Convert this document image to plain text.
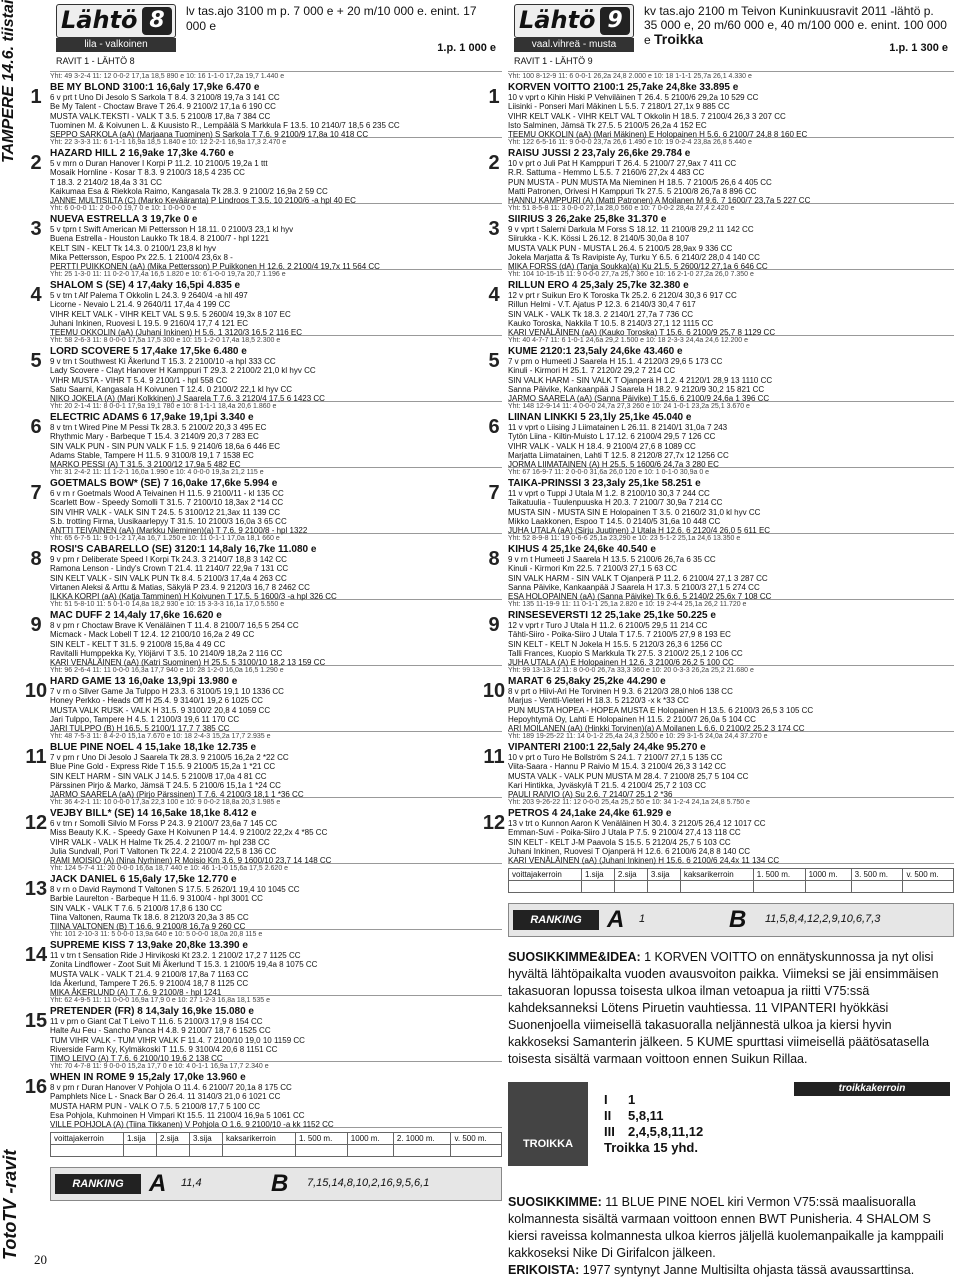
TAMPERE 14.6. tiistai
TotoTV -ravit 20
Lähtö 8
lila - valkoinen
RAVIT 1 - LÄHTÖ 8
lv tas.ajo 3100 m p. 7 000 e + 20 m/10 000 e. enint. 17 000 e
1.p. 1 000 e
1
Yht: 49 3-2-4 11: 12 0-0-2 17,1a 18,5 890 e 10: 16 1-1-0 17,2a 19,7 1.440 e
BE MY BLOND 3100:1 16,6aly 17,9ke 6.470 e
6 v prt t Uno Di Jesolo S Sarkola T 8.4. 3 2100/8 19,7a 3 141 CC
Be My Talent - Choctaw Brave T 26.4. 9 2100/2 17,1a 6 190 CC
MUSTA VALK.TEKSTI - VALK T 3.5. 5 2100/8 17,8a 7 384 CC
Tuominen M. & Koivunen L. & Kuusisto R., Lempäälä S Markkula F 13.5. 10 2140/7 18,5 6 235 CC
SEPPO SARKOLA (aA) (Marjaana Tuominen) S Sarkola T 7.6. 9 2100/9 17,8a 10 418 CC
2
Yht: 22 3-3-3 11: 6 1-1-1 16,9a 18,5 1.840 e 10: 12 2-2-1 16,9a 17,3 2.470 e
HAZARD HILL 2 16,9ake 17,3ke 4.760 e
5 v mrn o Duran Hanover I Korpi P 11.2. 10 2100/5 19,2a 1 ttt
Mosaik Hornline - Kosar T 8.3. 9 2100/3 18,5 4 235 CC
T 18.3. 2 2140/2 18,4a 3 31 CC
Kaikumaa Esa & Riekkola Raimo, Kangasala Tk 28.3. 9 2100/2 16,9a 2 59 CC
JANNE MULTISILTA (C) (Marko Kevääranta) P Lindroos T 3.5. 10 2100/6 -a hpl 40 EC
3
Yht: 6 0-0-0 11: 2 0-0-0 19,7 0 e 10: 1 0-0-0 0 e
NUEVA ESTRELLA 3 19,7ke 0 e
5 v tprn t Swift American Mi Pettersson H 18.11. 0 2100/3 23,1 kl hyv
Buena Estrella - Houston Laukko Tk 18.4. 8 2100/7 - hpl 1221
KELT SIN - KELT Tk 14.3. 0 2100/1 23,8 kl hyv
Mika Pettersson, Espoo Px 22.5. 1 2100/4 23,6x 8 -
PERTTI PUIKKONEN (aA) (Mika Pettersson) P Puikkonen H 12.6. 2 2100/4 19,7x 11 564 CC
4
Yht: 25 1-3-0 11: 11 0-2-0 17,4a 16,5 1.820 e 10: 6 1-0-0 19,7a 20,7 1.196 e
SHALOM S (SE) 4 17,4aky 16,5pi 4.835 e
5 v trn t Alf Palema T Okkolin L 24.3. 9 2640/4 -a hll 497
Licorne - Nevaio L 21.4. 9 2640/11 17,4a 4 199 CC
VIHR KELT VALK - VIHR KELT VAL S 9.5. 5 2600/4 19,3x 8 107 EC
Juhani Inkinen, Ruovesi L 19.5. 9 2160/4 17,7 4 121 EC
TEEMU OKKOLIN (aA) (Juhani Inkinen) H 5.6. 1 3120/3 16,5 2 116 EC
5
Yht: 58 2-6-3 11: 8 0-0-0 17,5a 17,5 300 e 10: 15 1-2-0 17,4a 18,5 2.300 e
LORD SCOVERE 5 17,4ake 17,5ke 6.480 e
9 v trn t Southwest Ki Åkerlund T 15.3. 2 2100/10 -a hpl 333 CC
Lady Scovere - Clayt Hanover H Kamppuri T 29.3. 2 2100/2 21,0 kl hyv CC
VIHR MUSTA - VIHR T 5.4. 9 2100/1 - hpl 558 CC
Satu Saarni, Kangasala H Koivunen T 12.4. 0 2100/2 22,1 kl hyv CC
NIKO JOKELA (A) (Mari Kolkkinen) J Saarela T 7.6. 3 2120/4 17,5 6 1423 CC
6
Yht: 20 2-1-4 11: 8 0-0-1 17,9a 19,1 780 e 10: 8 1-1-1 18,4a 20,6 1.860 e
ELECTRIC ADAMS 6 17,9ake 19,1pi 3.340 e
8 v trn t Wired Pine M Pessi Tk 28.3. 5 2100/2 20,3 3 495 EC
Rhythmic Mary - Barbeque T 15.4. 3 2140/9 20,3 7 283 EC
SIN VALK PUN - SIN PUN VALK F 1.5. 9 2140/6 18,6a 6 446 EC
Adams Stable, Tampere H 11.5. 9 3100/8 19,1 7 1538 EC
MARKO PESSI (A) T 31.5. 3 2100/12 17,9a 5 482 EC
7
Yht: 31 2-4-2 11: 11 1-2-1 16,0a 1.990 e 10: 4 0-0-0 19,3a 21,2 115 e
GOETMALS BOW* (SE) 7 16,0ake 17,6ke 5.994 e
6 v rn r Goetmals Wood A Teivainen H 11.5. 9 2100/11 - kl 135 CC
Scarlett Bow - Speedy Somolli T 31.5. 7 2100/10 18,3ax 2 *14 CC
SIN VIHR VALK - VALK SIN T 24.5. 5 3100/12 21,3ax 11 139 CC
S.b. trotting Firma, Uusikaarlepyy T 31.5. 10 2100/3 16,0a 3 65 CC
ANTTI TEIVAINEN (aA) (Markku Nieminen)(a) T 7.6. 9 2100/8 - hpl 1322
8
Yht: 65 6-7-5 11: 9 0-1-2 17,4a 16,7 1.250 e 10: 11 0-1-1 17,0a 18,1 660 e
ROSI'S CABARELLO (SE) 3120:1 14,8aly 16,7ke 11.080 e
9 v prn r Deliberate Speed I Korpi Tk 24.3. 3 2140/7 18,8 3 142 CC
Ramona Lenson - Lindy's Crown T 21.4. 11 2140/7 22,9a 7 131 CC
SIN KELT VALK - SIN VALK PUN Tk 8.4. 5 2100/3 17,4a 4 263 CC
Virtanen Aleksi & Arttu & Matias, Säkylä P 23.4. 9 2120/3 16,7 8 2462 CC
ILKKA KORPI (aA) (Katja Tamminen) H Koivunen T 17.5. 5 1600/3 -a hpl 326 CC
9
Yht: 51 5-8-10 11: 5 0-1-0 14,8a 18,2 930 e 10: 15 3-3-3 16,1a 17,0 5.550 e
MAC DUFF 2 14,4aly 17,6ke 16.620 e
8 v prn r Choctaw Brave K Venäläinen T 11.4. 8 2100/7 16,5 5 254 CC
Micmack - Mack Lobell T 12.4. 12 2100/10 16,2a 2 49 CC
SIN KELT - KELT T 31.5. 9 2100/8 15,8a 4 49 CC
Ravitalli Humppekka Ky, Ylöjärvi T 3.5. 10 2140/9 18,2a 2 116 CC
KARI VENÄLÄINEN (aA) (Katri Suominen) H 25.5. 5 3100/10 18,2 13 159 CC
10
Yht: 96 2-6-4 11: 11 0-0-0 16,3a 17,7 940 e 10: 28 1-2-0 16,0a 16,5 1.290 e
HARD GAME 13 16,0ake 13,9pi 13.980 e
7 v rn o Silver Game Ja Tulppo H 23.3. 6 3100/5 19,1 10 1336 CC
Honey Perkko - Heads Off H 25.4. 9 3140/1 19,2 6 1025 CC
MUSTA VALK RUSK - VALK H 31.5. 9 3100/2 20,8 4 1059 CC
Jari Tulppo, Tampere H 4.5. 1 2100/3 19,6 11 170 CC
JARI TULPPO (B) H 16.5. 5 2100/1 17,7 7 385 CC
11
Yht: 48 7-5-3 11: 8 4-2-0 15,1a 7.670 e 10: 18 2-4-3 15,2a 17,7 2.935 e
BLUE PINE NOEL 4 15,1ake 18,1ke 12.735 e
7 v prn r Uno Di Jesolo J Saarela Tk 28.3. 9 2100/5 16,2a 2 *22 CC
Blue Pine Gold - Express Ride T 15.5. 9 2100/5 15,2a 1 *21 CC
SIN KELT HARM - SIN VALK J 14.5. 5 2100/8 17,0a 4 81 CC
Pärssinen Pirjo & Marko, Jämsä T 24.5. 5 2100/6 15,1a 1 *24 CC
JARMO SAARELA (aA) (Pirjo Pärssinen) T 7.6. 4 2100/3 18,1 1 *36 CC
12
Yht: 36 4-2-1 11: 10 0-0-0 17,3a 22,3 100 e 10: 9 0-0-2 18,8a 20,3 1.985 e
VEJBY BILL* (SE) 14 16,5ake 18,1ke 8.412 e
6 v trn r Somolli Silvio M Forss P 24.3. 9 2100/7 23,6a 7 145 CC
Miss Beauty K.K. - Speedy Gaxe H Koivunen P 14.4. 9 2100/2 22,2x 4 *85 CC
VIHR VALK - VALK H Halme Tk 25.4. 2 2100/7 m- hpl 238 CC
Julia Sundvall, Pori T Valtonen Tk 22.4. 2 2100/4 22,5 8 136 CC
RAMI MOISIO (A) (Nina Nyrhinen) R Moisio Km 3.6. 9 1600/10 23,7 14 148 CC
13
Yht: 124 5-7-4 11: 20 0-0-0 16,6a 18,7 440 e 10: 46 1-1-0 15,6a 17,5 2.620 e
JACK DANIEL 6 15,6aly 17,5ke 12.770 e
8 v rn o David Raymond T Valtonen S 17.5. 5 2620/1 19,4 10 1045 CC
Barbie Laurelton - Barbeque H 11.6. 9 3100/4 - hpl 3001 CC
SIN VALK - VALK T 7.6. 5 2100/8 17,8 6 130 CC
Tiina Valtonen, Rauma Tk 18.6. 8 2120/3 20,3a 3 85 CC
TIINA VALTONEN (B) T 16.6. 9 2100/8 16,7a 9 260 CC
14
Yht: 101 2-10-3 11: 5 0-0-0 13,9a 640 e 10: 5 0-0-0 18,0a 20,8 115 e
SUPREME KISS 7 13,9ake 20,8ke 13.390 e
11 v trn t Sensation Ride J Hirvikoski Kt 23.2. 1 2100/2 17,2 7 1125 CC
Zonita Lindflower - Zoot Suit Mi Åkerlund T 15.3. 1 2100/5 19,4a 8 1075 CC
MUSTA VALK - VALK T 21.4. 9 2100/8 17,8a 7 1163 CC
Ida Åkerlund, Tampere T 26.5. 9 2100/4 18,7 8 1125 CC
MIKA ÅKERLUND (A) T 7.6. 9 2100/8 - hpl 1241
15
Yht: 62 4-9-5 11: 11 0-0-0 16,9a 17,9 0 e 10: 27 1-2-3 16,8a 18,1 535 e
PRETENDER (FR) 8 14,3aly 16,9ke 15.080 e
11 v prn o Giant Cat T Leivo T 11.6. 5 2100/3 17,9 8 154 CC
Halte Au Feu - Sancho Panca H 4.8. 9 2100/7 18,7 6 1525 CC
TUM VIHR VALK - TUM VIHR VALK F 11.4. 7 2100/10 19,0 10 1159 CC
Riverside Farm Ky, Kylmäkoski T 11.5. 9 3100/4 20,6 8 1151 CC
TIMO LEIVO (A) T 7.6. 6 2100/10 19,6 2 138 CC
16
Yht: 70 4-7-8 11: 9 0-0-0 15,2a 17,7 0 e 10: 4 0-1-1 16,9a 17,7 2.340 e
WHEN IN ROME 9 15,2aly 17,0ke 13.960 e
8 v prn r Duran Hanover V Pohjola O 11.4. 6 2100/7 20,1a 8 175 CC
Pamphlets Nice L - Snack Bar O 26.4. 11 3140/3 21,0 6 1021 CC
MUSTA HARM PUN - VALK O 7.5. 5 2100/8 17,7 5 100 CC
Esa Pohjola, Kuhmoinen H Vimpari Kt 15.5. 11 2100/4 16,9a 5 1061 CC
VILLE POHJOLA (A) (Tiina Tikkanen) V Pohjola O 1.6. 9 2100/10 -a kk 1152 CC
voittajakerroin	1.sija	2.sija	3.sija	kaksarikerroin	1. 500 m.	1000 m.	2. 1000 m.	v. 500 m.

RANKING	A 11,4	B 7,15,14,8,10,2,16,9,5,6,1
Lähtö 9
vaal.vihreä - musta
RAVIT 1 - LÄHTÖ 9
kv tas.ajo 2100 m Teivon Kuninkuusravit 2011 -lähtö p. 35 000 e, 20 m/60 000 e, 40 m/100 000 e. enint. 100 000 e Troikka
1.p. 1 300 e
1
Yht: 100 8-12-9 11: 6 0-0-1 26,2a 24,8 2.000 e 10: 18 1-1-1 25,7a 26,1 4.330 e
KORVEN VOITTO 2100:1 25,7ake 24,8ke 33.895 e
10 v vprt o Kihin Hiski P Vehviläinen T 26.4. 5 2100/6 29,2a 10 529 CC
Liisinki - Ponseri Mari Mäkinen L 5.5. 7 2180/1 27,1x 9 885 CC
VIHR KELT VALK - VIHR KELT VAL T Okkolin H 18.5. 7 2100/4 26,3 3 207 CC
Isto Salminen, Jämsä Tk 27.5. 5 2100/5 26,2a 4 152 EC
TEEMU OKKOLIN (aA) (Mari Mäkinen) E Holopainen H 5.6. 6 2100/7 24,8 8 160 EC
2
Yht: 122 6-5-16 11: 9 0-0-0 23,7a 26,6 1.490 e 10: 19 0-2-4 23,8a 26,8 5.440 e
RAISU JUSSI 2 23,7aly 26,6ke 29.784 e
10 v prt o Juli Pat H Kamppuri T 26.4. 5 2100/7 27,9ax 7 411 CC
R.R. Sattuma - Hemmo L 5.5. 7 2160/6 27,2x 4 483 CC
PUN MUSTA - PUN MUSTA Ma Nieminen H 18.5. 7 2100/5 26,6 4 405 CC
Matti Patronen, Orivesi H Kamppuri Tk 27.5. 5 2100/8 26,7a 8 896 CC
HANNU KAMPPURI (A) (Matti Patronen) A Moilanen M 9.6. 7 1600/7 23,7a 5 227 CC
3
Yht: 51 8-5-8 11: 3 0-0-0 27,1a 28,0 560 e 10: 7 0-0-2 28,4a 27,4 2.420 e
SIIRIUS 3 26,2ake 25,8ke 31.370 e
9 v vprt t Salerni Darkula M Forss S 18.12. 11 2100/8 29,2 11 142 CC
Siirukka - K.K. Kössi L 26.12. 8 2140/5 30,0a 8 107
MUSTA VALK PUN - MUSTA L 26.4. 5 2100/5 28,9ax 9 336 CC
Jokela Marjatta & Ts Ravipiste Ay, Turku Y 6.5. 6 2140/2 28,0 4 140 CC
MIKA FORSS (dA) (Tanja Soukka)(a) Ku 21.5. 5 2600/12 27,1a 6 646 CC
4
Yht: 104 10-15-15 11: 9 0-0-0 27,7a 25,7 360 e 10: 16 2-1-0 27,2a 26,0 7.350 e
RILLUN ERO 4 25,3aly 25,7ke 32.380 e
12 v prt r Suikun Ero K Toroska Tk 25.2. 6 2120/4 30,3 6 917 CC
Rillun Helmi - V.T. Ajatus P 12.3. 6 2140/3 30,4 7 617
SIN VALK - VALK Tk 18.3. 2 2140/1 27,7a 7 736 CC
Kauko Toroska, Nakkila T 10.5. 8 2140/3 27,1 12 1115 CC
KARI VENÄLÄINEN (aA) (Kauko Toroska) T 15.6. 6 2100/9 25,7 8 1129 CC
5
Yht: 40 4-7-7 11: 6 1-0-1 24,6a 29,2 1.500 e 10: 18 2-3-3 24,4a 24,6 12.200 e
KUME 2120:1 23,5aly 24,6ke 43.460 e
7 v prn o Humeeti J Saarela H 15.1. 4 2120/3 29,6 5 173 CC
Kinuli - Kirmori H 25.1. 7 2120/2 29,2 7 214 CC
SIN VALK HARM - SIN VALK T Ojanperä H 1.2. 4 2120/1 28,9 13 1110 CC
Sanna Päivike, Kankaanpää J Saarela H 18.2. 9 2120/9 30,2 15 821 CC
JARMO SAARELA (aA) (Sanna Päivike) T 15.6. 6 2100/9 24,6a 1 396 CC
6
Yht: 148 12-9-14 11: 4 0-0-0 24,7a 27,3 260 e 10: 24 1-0-1 23,2a 25,1 3.670 e
LIINAN LINKKI 5 23,1ly 25,1ke 45.040 e
11 v vprt o Liising J Liimatainen L 26.11. 8 2140/1 31,0a 7 243
Tytön Liina - Kiltin-Muisto L 17.12. 6 2100/4 29,5 7 126 CC
VIHR VALK - VALK H 18.4. 9 2100/4 27,6 8 1089 CC
Marjatta Liimatainen, Lahti T 12.5. 8 2120/8 27,7x 12 1256 CC
JORMA LIIMATAINEN (A) H 25.5. 5 1600/6 24,7a 3 280 EC
7
Yht: 67 16-9-7 11: 2 0-0-0 31,6a 26,0 120 e 10: 1 0-1-0 30,9a 0 e
TAIKA-PRINSSI 3 23,3aly 25,1ke 58.251 e
11 v vprt o Tuppi J Utala M 1.2. 8 2100/10 30,3 7 244 CC
Taikatuulia - Tuulenpuuska H 20.3. 7 2100/7 30,9a 7 214 CC
MUSTA SIN - MUSTA SIN E Holopainen T 3.5. 0 2160/2 31,0 kl hyv CC
Mikko Laakkonen, Espoo T 14.5. 0 2140/5 31,6a 10 448 CC
JUHA UTALA (aA) (Sirju Juutinen) J Utala H 12.6. 6 2120/4 26,0 5 611 EC
8
Yht: 52 8-9-8 11: 19 0-6-6 25,1a 23,290 e 10: 23 5-1-2 25,1a 24,6 13.350 e
KIHUS 4 25,1ke 24,6ke 40.540 e
9 v rn t Humeeti J Saarela H 13.5. 5 2100/6 26,7a 6 35 CC
Kinuli - Kirmori Km 22.5. 7 2100/3 27,1 5 63 CC
SIN VALK HARM - SIN VALK T Ojanperä P 11.2. 6 2100/4 27,1 3 287 CC
Sanna Päivike, Kankaanpää J Saarela H 17.3. 5 2100/3 27,1 5 274 CC
ESA HOLOPAINEN (aA) (Sanna Päivike) Tk 6.6. 5 2140/2 25,6x 7 108 CC
9
Yht: 135 11-19-9 11: 11 0-1-1 25,1a 2.820 e 10: 19 2-4-4 25,1a 26,2 11.720 e
RINSESEVERSTI 12 25,1ake 25,1ke 50.225 e
12 v vprt r Turo J Utala H 11.2. 6 2100/5 29,5 11 214 CC
Tähti-Siiro - Poika-Siiro J Utala T 17.5. 7 2100/5 27,9 8 193 EC
SIN KELT - KELT N Jokela H 15.5. 5 2120/3 26,3 6 1256 CC
Talli Frances, Kuopio S Markkula Tk 27.5. 3 2100/2 25,1 2 106 CC
JUHA UTALA (A) E Holopainen H 12.6. 3 2100/6 26,2 5 100 CC
10
Yht: 99 13-13-12 11: 8 0-0-0 26,7a 33,3 360 e 10: 20 0-3-3 26,2a 25,2 21.680 e
MARAT 6 25,8aky 25,2ke 44.290 e
8 v prt o Hiivi-Ari He Torvinen H 9.3. 6 2120/3 28,0 hlo6 138 CC
Marjus - Ventti-Vieteri H 18.3. 5 2120/3 -x k *33 CC
PUN MUSTA HOPEA - HOPEA MUSTA E Holopainen H 13.5. 6 2100/3 26,5 3 105 CC
Hepoyhtymä Oy, Lahti E Holopainen H 11.5. 2 2100/7 26,0a 5 104 CC
ARI MOILANEN (aA) (Hinkki Torvinen)(a) A Moilanen L 6.6. 0 2100/2 25,2 3 174 CC
11
Yht: 189 19-25-22 11: 14 0-1-2 25,4a 24,3 2.500 e 10: 29 3-1-5 24,0a 24,4 37.270 e
VIPANTERI 2100:1 22,5aly 24,4ke 95.270 e
10 v prt o Turo He Bollström S 24.1. 7 2100/7 27,1 5 135 CC
Viita-Saara - Hannu P Raivio M 15.4. 3 2100/4 26,3 3 142 CC
MUSTA VALK - VALK PUN MUSTA M 28.4. 7 2100/8 25,7 5 104 CC
Kari Hintikka, Jyväskylä T 21.5. 4 2100/4 25,7 2 103 CC
PAULI RAIVIO (A) Su 2.6. 7 2140/7 25,1 2 *36
12
Yht: 203 9-26-22 11: 12 0-0-0 25,4a 25,2 50 e 10: 34 1-2-4 24,1a 24,8 5.750 e
PETROS 4 24,1ake 24,4ke 61.929 e
13 v trt o Kunnon Aaron K Venäläinen H 30.4. 3 2120/5 26,4 12 1017 CC
Emman-Suvi - Poika-Siiro J Utala P 7.5. 9 2100/4 27,4 13 118 CC
SIN KELT - KELT J-M Paavola S 15.5. 5 2120/4 25,7 5 103 CC
Juhani Inkinen, Ruovesi T Ojanperä H 12.6. 6 2100/6 24,8 8 140 CC
KARI VENÄLÄINEN (aA) (Juhani Inkinen) H 15.6. 6 2100/6 24,4x 11 134 CC
voittajakerroin	1.sija	2.sija	3.sija	kaksarikerroin	1. 500 m.	1000 m.	3. 500 m.	v. 500 m.

RANKING	A 1	B 11,5,8,4,12,2,9,10,6,7,3
SUOSIKKIMME&IDEA: 1 KORVEN VOITTO on ennätyskunnossa ja nyt olisi hyvältä lähtöpaikalta vuoden avausvoiton paikka. Viimeksi se jäi ensimmäisen takasuoran lopussa toisesta ulkoa ilman vetoapua ja riitti V75:ssä kahdeksanneksi Lötens Piruetin vauhtiessa. 11 VIPANTERI hyökkäsi Suonenjoella viimeisellä takasuoralla neljännestä ulkoa ja kiersi hyvin kakkoseksi Samanterin jälkeen. 5 KUME spurttasi viimeisellä päätösatasella toisesta sisältä varmaan voittoon ennen Suikun Rillaa.

TROIKKA
troikkakerroin
I 1
II 5,8,11
III 2,4,5,8,11,12
Troikka 15 yhd.
SUOSIKKIMME: 11 BLUE PINE NOEL kiri Vermon V75:ssä maalisuoralla kolmannesta sisältä varmaan voittoon ennen BWT Punisheria. 4 SHALOM S kiersi raveissa kolmannesta ulkoa kierros jäljellä kuolemanpaikalle ja kamppaili kakkoseksi Nike Di Girifalcon jälkeen.
ERIKOISTA: 1977 syntynyt Janne Multisilta ohjasta tässä avaussarttinsa.
